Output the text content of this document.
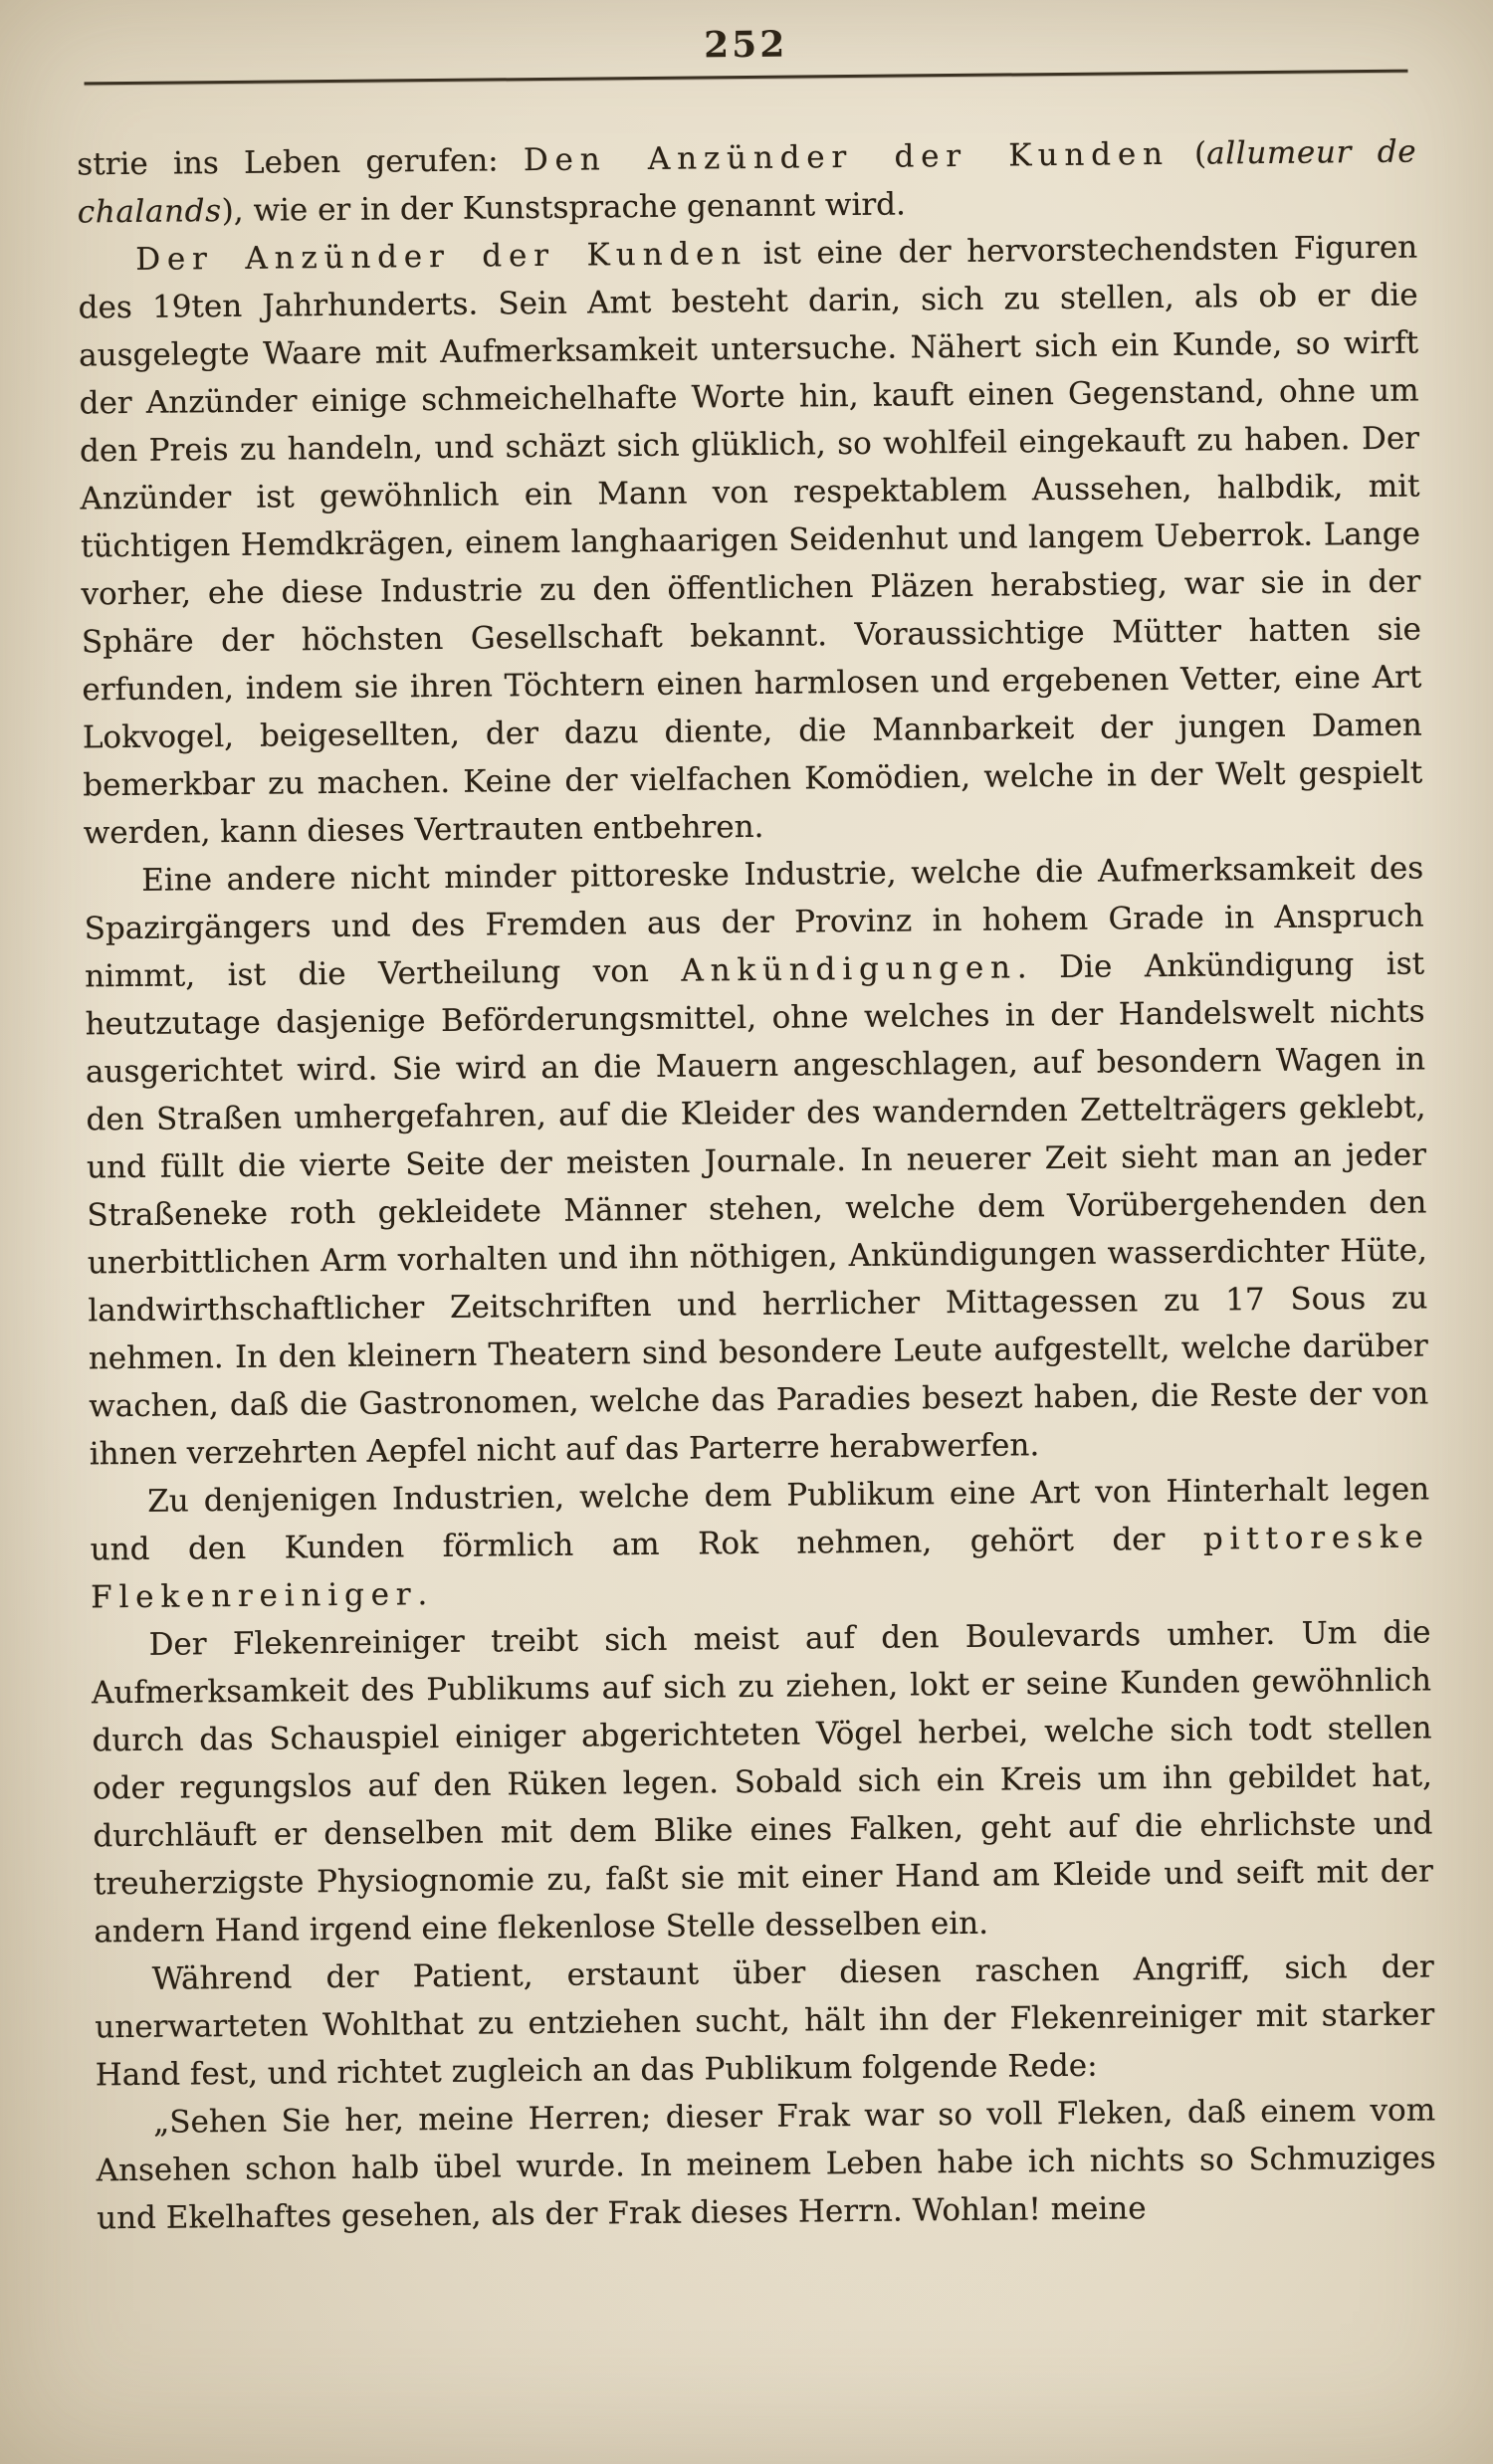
252

strie ins Leben gerufen: Den Anzünder der Kunden (allumeur de chalands), wie er in der Kunstsprache genannt wird.

Der Anzünder der Kunden ist eine der hervorstechendsten Figuren des 19ten Jahrhunderts. Sein Amt besteht darin, sich zu stellen, als ob er die ausgelegte Waare mit Aufmerksamkeit untersuche. Nähert sich ein Kunde, so wirft der Anzünder einige schmeichelhafte Worte hin, kauft einen Gegenstand, ohne um den Preis zu handeln, und schäzt sich glüklich, so wohlfeil eingekauft zu haben. Der Anzünder ist gewöhnlich ein Mann von respektablem Aussehen, halbdik, mit tüchtigen Hemdkrägen, einem langhaarigen Seidenhut und langem Ueberrok. Lange vorher, ehe diese Industrie zu den öffentlichen Pläzen herabstieg, war sie in der Sphäre der höchsten Gesellschaft bekannt. Voraussichtige Mütter hatten sie erfunden, indem sie ihren Töchtern einen harmlosen und ergebenen Vetter, eine Art Lokvogel, beigesellten, der dazu diente, die Mannbarkeit der jungen Damen bemerkbar zu machen. Keine der vielfachen Komödien, welche in der Welt gespielt werden, kann dieses Vertrauten entbehren.

Eine andere nicht minder pittoreske Industrie, welche die Aufmerksamkeit des Spazirgängers und des Fremden aus der Provinz in hohem Grade in Anspruch nimmt, ist die Vertheilung von Ankündigungen. Die Ankündigung ist heutzutage dasjenige Beförderungsmittel, ohne welches in der Handelswelt nichts ausgerichtet wird. Sie wird an die Mauern angeschlagen, auf besondern Wagen in den Straßen umhergefahren, auf die Kleider des wandernden Zettelträgers geklebt, und füllt die vierte Seite der meisten Journale. In neuerer Zeit sieht man an jeder Straßeneke roth gekleidete Männer stehen, welche dem Vorübergehenden den unerbittlichen Arm vorhalten und ihn nöthigen, Ankündigungen wasserdichter Hüte, landwirthschaftlicher Zeitschriften und herrlicher Mittagessen zu 17 Sous zu nehmen. In den kleinern Theatern sind besondere Leute aufgestellt, welche darüber wachen, daß die Gastronomen, welche das Paradies besezt haben, die Reste der von ihnen verzehrten Aepfel nicht auf das Parterre herabwerfen.

Zu denjenigen Industrien, welche dem Publikum eine Art von Hinterhalt legen und den Kunden förmlich am Rok nehmen, gehört der pittoreske Flekenreiniger.

Der Flekenreiniger treibt sich meist auf den Boulevards umher. Um die Aufmerksamkeit des Publikums auf sich zu ziehen, lokt er seine Kunden gewöhnlich durch das Schauspiel einiger abgerichteten Vögel herbei, welche sich todt stellen oder regungslos auf den Rüken legen. Sobald sich ein Kreis um ihn gebildet hat, durchläuft er denselben mit dem Blike eines Falken, geht auf die ehrlichste und treuherzigste Physiognomie zu, faßt sie mit einer Hand am Kleide und seift mit der andern Hand irgend eine flekenlose Stelle desselben ein.

Während der Patient, erstaunt über diesen raschen Angriff, sich der unerwarteten Wohlthat zu entziehen sucht, hält ihn der Flekenreiniger mit starker Hand fest, und richtet zugleich an das Publikum folgende Rede:

„Sehen Sie her, meine Herren; dieser Frak war so voll Fleken, daß einem vom Ansehen schon halb übel wurde. In meinem Leben habe ich nichts so Schmuziges und Ekelhaftes gesehen, als der Frak dieses Herrn. Wohlan! meine
